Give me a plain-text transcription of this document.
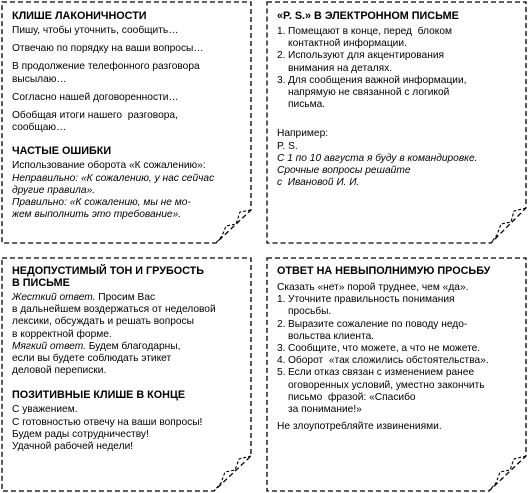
КЛИШЕ ЛАКОНИЧНОСТИ
Пишу, чтобы уточнить, сообщить…
Отвечаю по порядку на ваши вопросы…
В продолжение телефонного разговора
высылаю…
Согласно нашей договоренности…
Обобщая итоги нашего  разговора,
сообщаю…
ЧАСТЫЕ ОШИБКИ
Использование оборота «К сожалению»:
Неправильно: «К сожалению, у нас сейчас
другие правила».
Правильно: «К сожалению, мы не мо-
жем выполнить это требование».
«P. S.» В ЭЛЕКТРОННОМ ПИСЬМЕ
1. Помещают в конце, перед  блоком
контактной информации.
2. Используют для акцентирования
внимания на деталях.
3. Для сообщения важной информации,
напрямую не связанной с логикой
письма.
Например:
P. S.
С 1 по 10 августа я буду в командировке.
Срочные вопросы решайте
с  Ивановой И. И.
НЕДОПУСТИМЫЙ ТОН И ГРУБОСТЬ
В ПИСЬМЕ
Жесткий ответ. Просим Вас
в дальнейшем воздержаться от неделовой
лексики, обсуждать и решать вопросы
в корректной форме.
Мягкий ответ. Будем благодарны,
если вы будете соблюдать этикет
деловой переписки.
ПОЗИТИВНЫЕ КЛИШЕ В КОНЦЕ
С уважением.
С готовностью отвечу на ваши вопросы!
Будем рады сотрудничеству!
Удачной рабочей недели!
ОТВЕТ НА НЕВЫПОЛНИМУЮ ПРОСЬБУ
Сказать «нет» порой труднее, чем «да».
1. Уточните правильность понимания
просьбы.
2. Выразите сожаление по поводу недо-
вольства клиента.
3. Сообщите, что можете, а что не можете.
4. Оборот  «так сложились обстоятельства».
5. Если отказ связан с изменением ранее
оговоренных условий, уместно закончить
письмо  фразой: «Спасибо
за понимание!»
Не злоупотребляйте извинениями.
